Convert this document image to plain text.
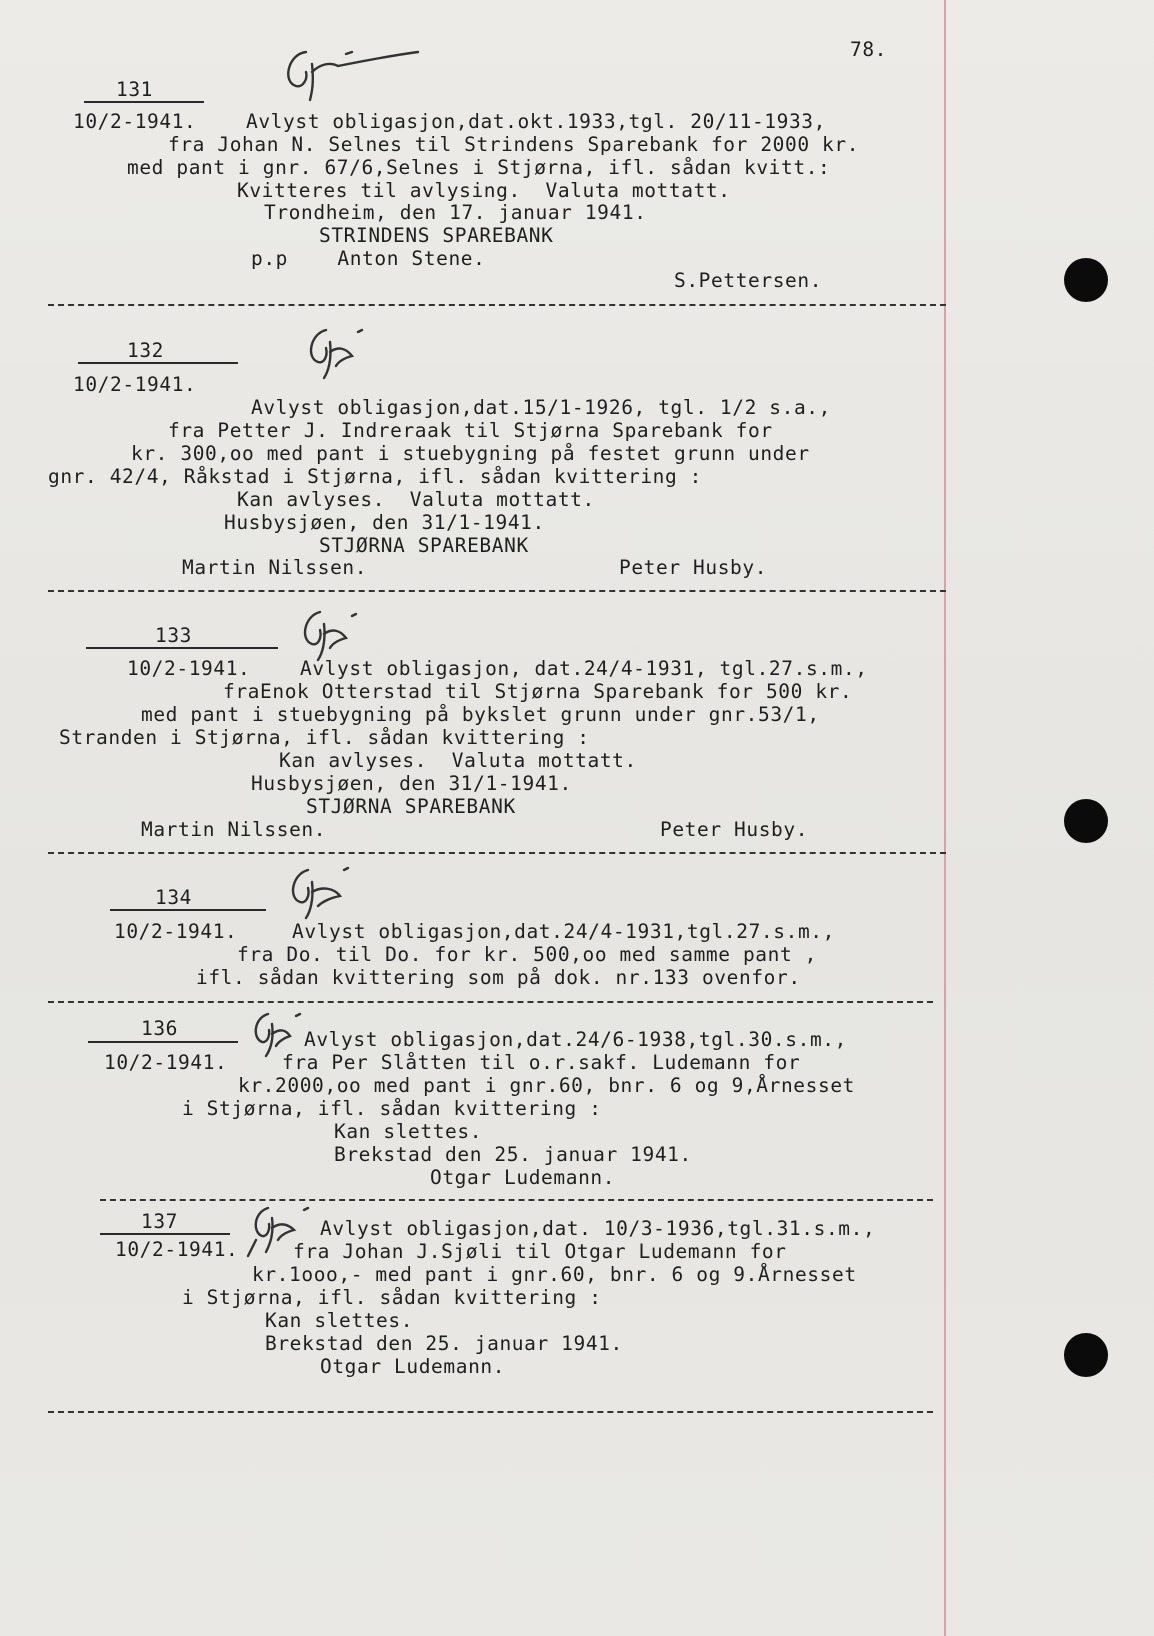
78.
131
10/2-1941.	Avlyst obligasjon,dat.okt.1933,tgl. 20/11-1933,
fra Johan N. Selnes til Strindens Sparebank for 2000 kr.
med pant i gnr. 67/6,Selnes i Stjørna, ifl. sådan kvitt.:
Kvitteres til avlysing.  Valuta mottatt.
Trondheim, den 17. januar 1941.
STRINDENS SPAREBANK
p.p    Anton Stene.
S.Pettersen.
132
10/2-1941.
Avlyst obligasjon,dat.15/1-1926, tgl. 1/2 s.a.,
fra Petter J. Indreraak til Stjørna Sparebank for
kr. 300,oo med pant i stuebygning på festet grunn under
gnr. 42/4, Råkstad i Stjørna, ifl. sådan kvittering :
Kan avlyses.  Valuta mottatt.
Husbysjøen, den 31/1-1941.
STJØRNA SPAREBANK
Martin Nilssen.	Peter Husby.
133
10/2-1941.	Avlyst obligasjon, dat.24/4-1931, tgl.27.s.m.,
fraEnok Otterstad til Stjørna Sparebank for 500 kr.
med pant i stuebygning på bykslet grunn under gnr.53/1,
Stranden i Stjørna, ifl. sådan kvittering :
Kan avlyses.  Valuta mottatt.
Husbysjøen, den 31/1-1941.
STJØRNA SPAREBANK
Martin Nilssen.	Peter Husby.
134
10/2-1941.	Avlyst obligasjon,dat.24/4-1931,tgl.27.s.m.,
fra Do. til Do. for kr. 500,oo med samme pant ,
ifl. sådan kvittering som på dok. nr.133 ovenfor.
136
10/2-1941.
Avlyst obligasjon,dat.24/6-1938,tgl.30.s.m.,
fra Per Slåtten til o.r.sakf. Ludemann for
kr.2000,oo med pant i gnr.60, bnr. 6 og 9,Årnesset
i Stjørna, ifl. sådan kvittering :
Kan slettes.
Brekstad den 25. januar 1941.
Otgar Ludemann.
137
10/2-1941.
Avlyst obligasjon,dat. 10/3-1936,tgl.31.s.m.,
fra Johan J.Sjøli til Otgar Ludemann for
kr.1ooo,- med pant i gnr.60, bnr. 6 og 9.Årnesset
i Stjørna, ifl. sådan kvittering :
Kan slettes.
Brekstad den 25. januar 1941.
Otgar Ludemann.
